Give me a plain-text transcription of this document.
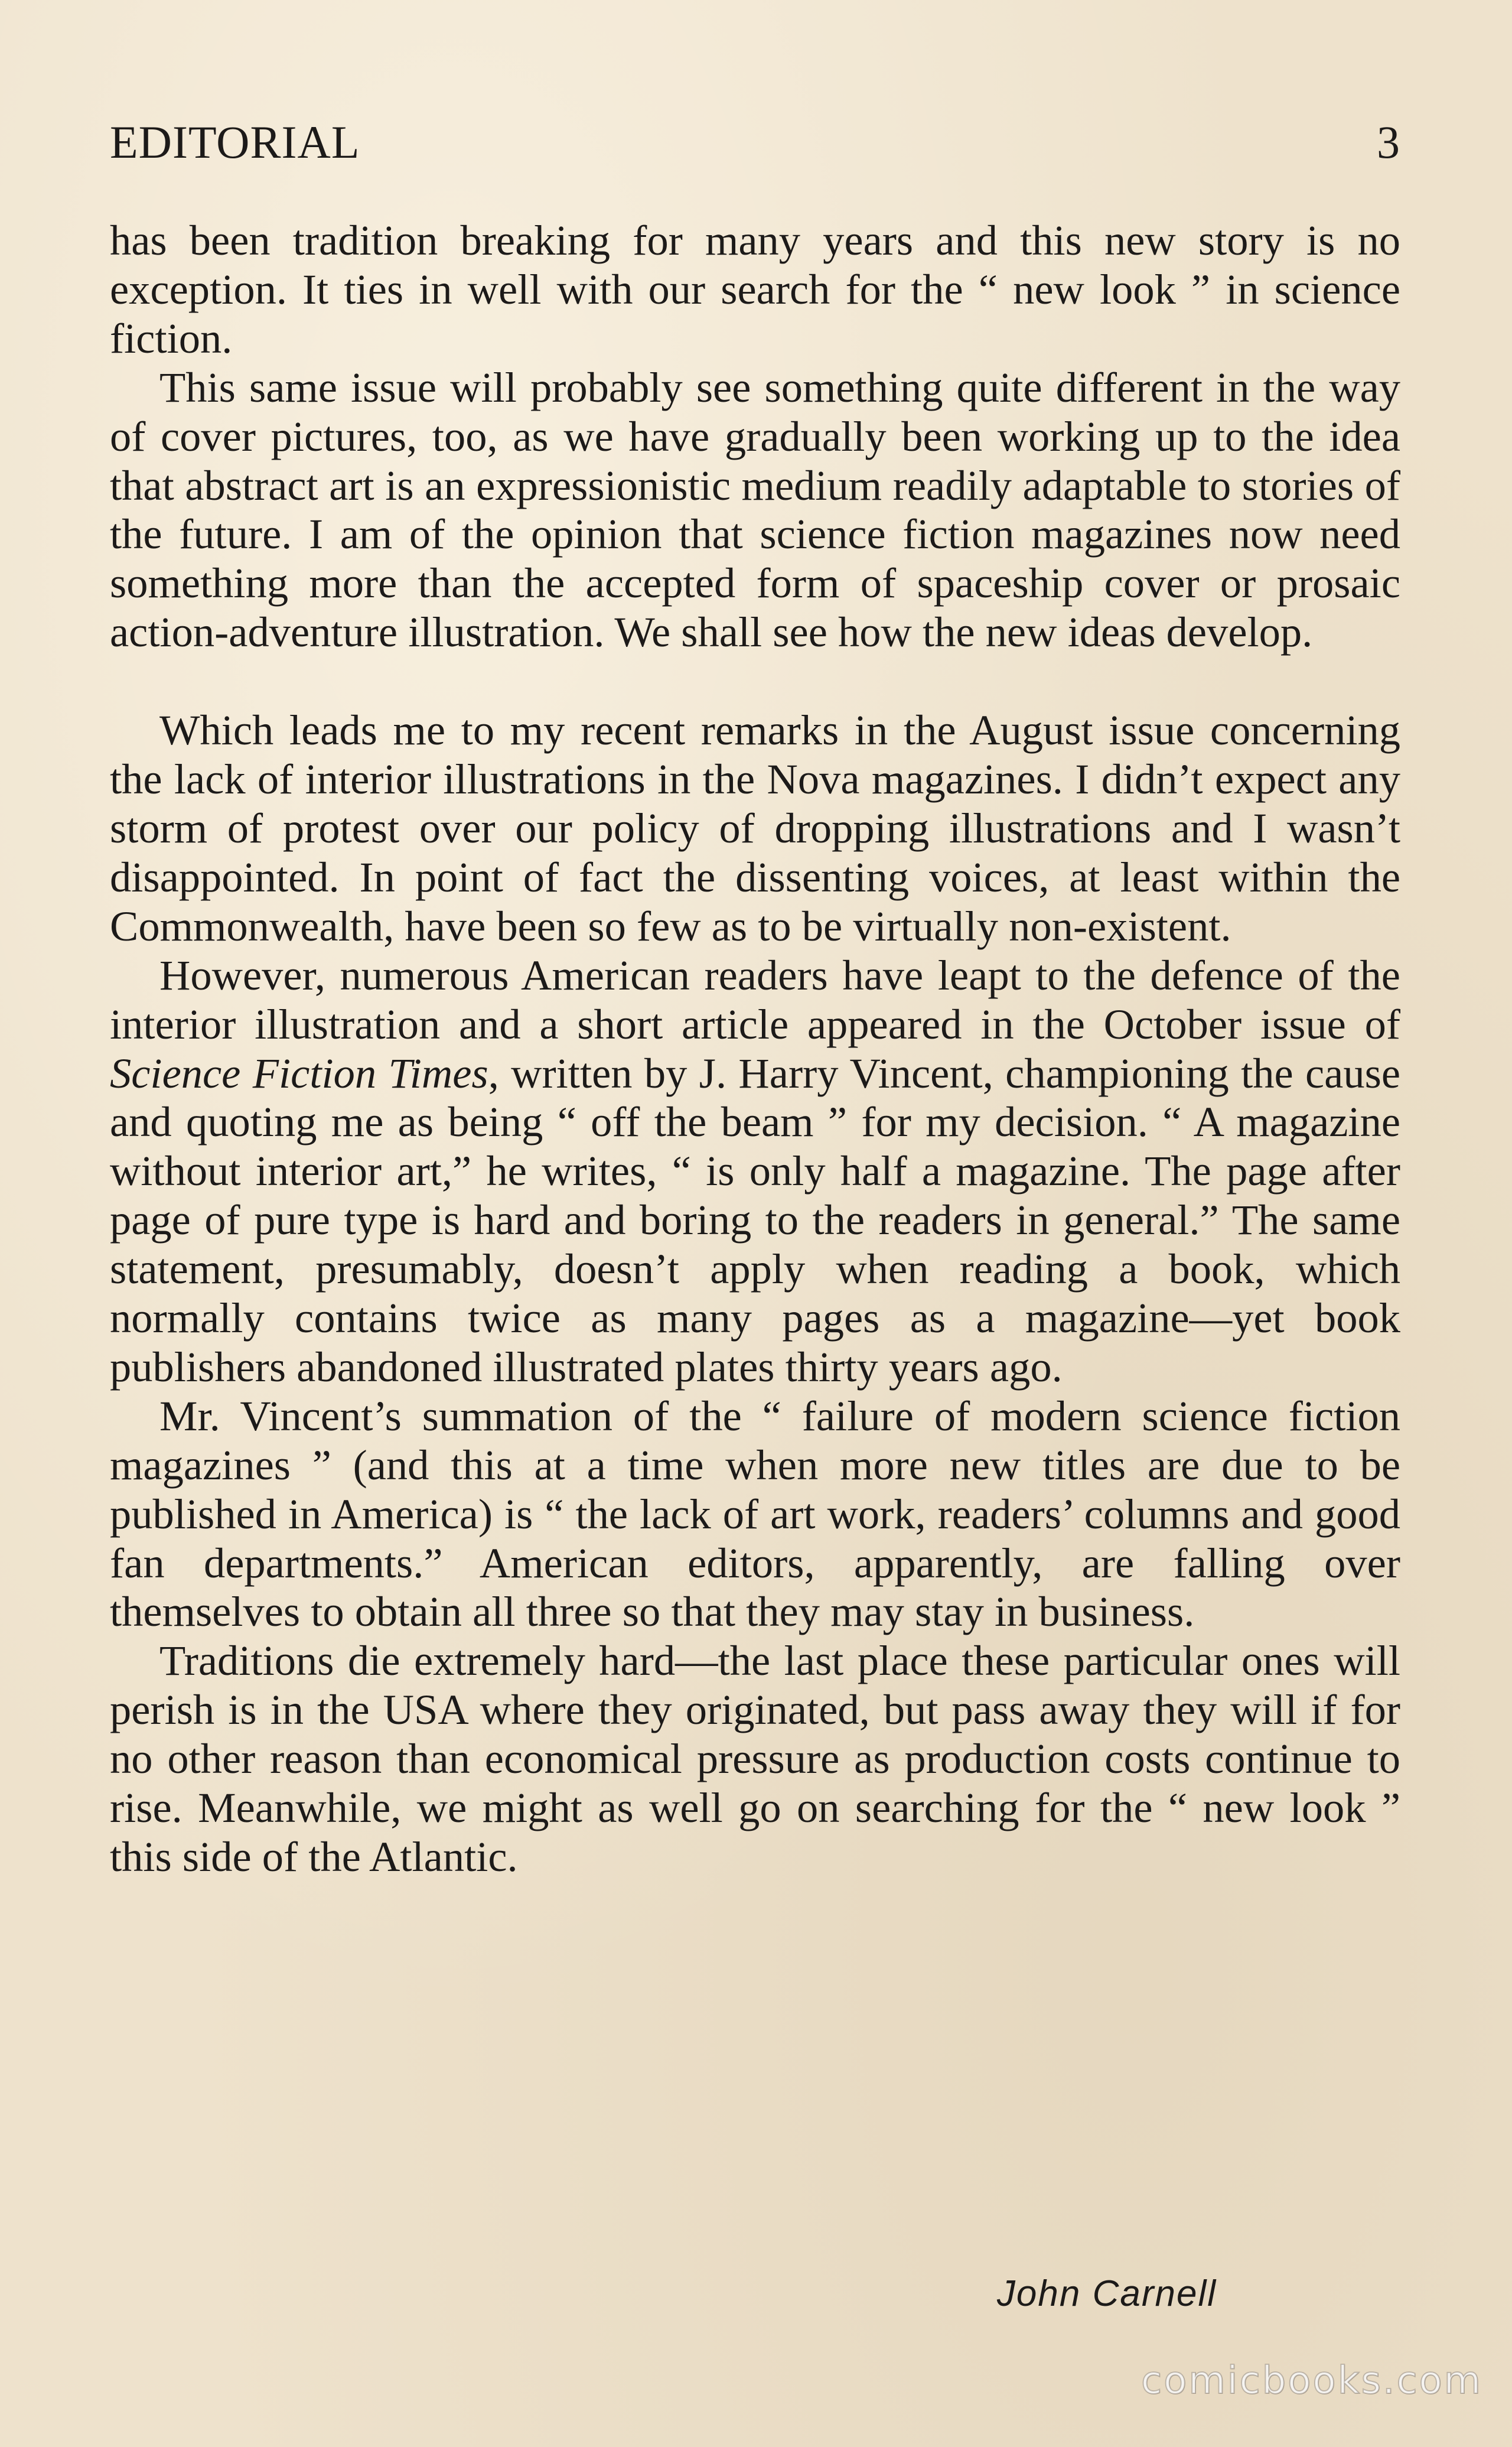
EDITORIAL	3

has been tradition breaking for many years and this new story is no exception. It ties in well with our search for the “ new look ” in science fiction.

This same issue will probably see something quite different in the way of cover pictures, too, as we have gradually been working up to the idea that abstract art is an expressionistic medium readily adaptable to stories of the future. I am of the opinion that science fiction magazines now need something more than the accepted form of spaceship cover or prosaic action-adventure illustration. We shall see how the new ideas develop.

Which leads me to my recent remarks in the August issue concerning the lack of interior illustrations in the Nova magazines. I didn’t expect any storm of protest over our policy of dropping illustrations and I wasn’t disappointed. In point of fact the dissenting voices, at least within the Commonwealth, have been so few as to be virtually non-existent.

However, numerous American readers have leapt to the defence of the interior illustration and a short article appeared in the October issue of Science Fiction Times, written by J. Harry Vincent, championing the cause and quoting me as being “ off the beam ” for my decision. “ A magazine without interior art,” he writes, “ is only half a magazine. The page after page of pure type is hard and boring to the readers in general.” The same statement, presumably, doesn’t apply when reading a book, which normally contains twice as many pages as a magazine—yet book publishers abandoned illustrated plates thirty years ago.

Mr. Vincent’s summation of the “ failure of modern science fiction magazines ” (and this at a time when more new titles are due to be published in America) is “ the lack of art work, readers’ columns and good fan departments.” American editors, apparently, are falling over themselves to obtain all three so that they may stay in business.

Traditions die extremely hard—the last place these particular ones will perish is in the USA where they originated, but pass away they will if for no other reason than economical pressure as production costs continue to rise. Meanwhile, we might as well go on searching for the “ new look ” this side of the Atlantic.

John Carnell
comicbooks.com
